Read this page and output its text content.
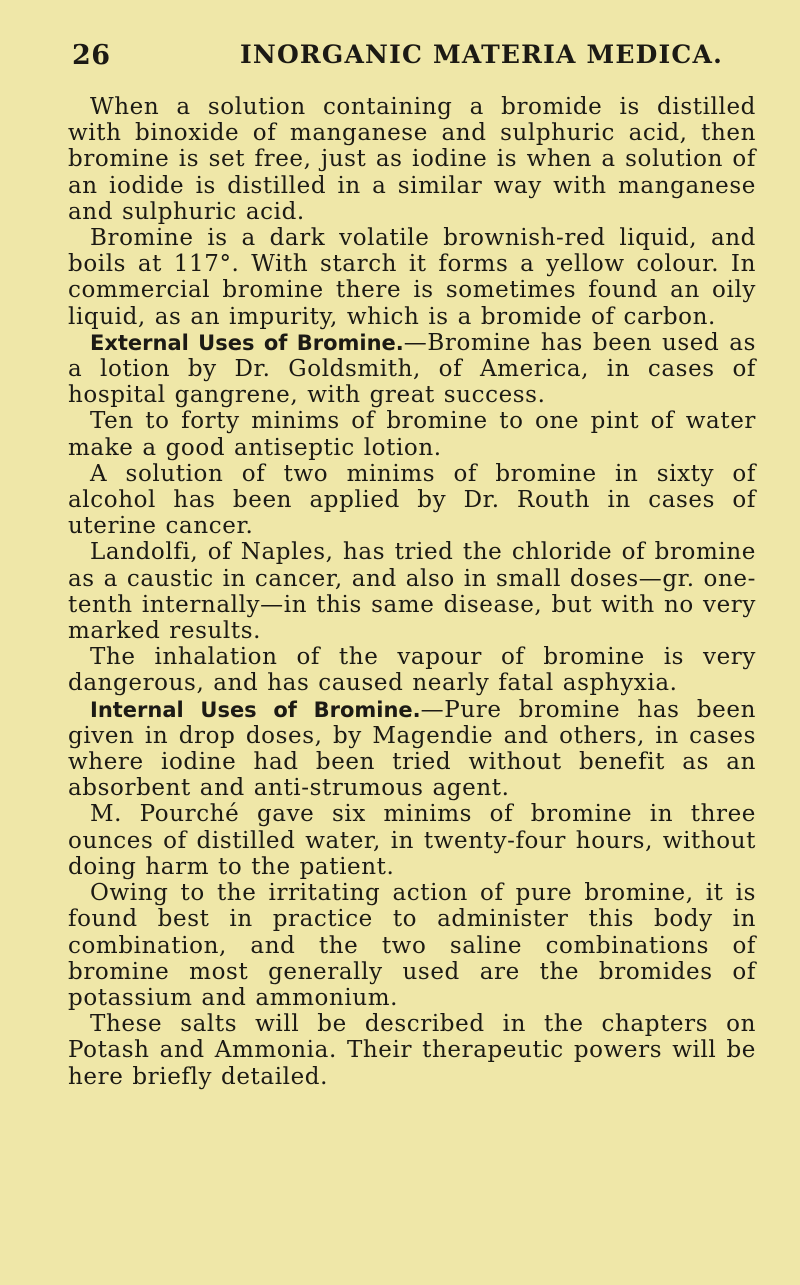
26	INORGANIC MATERIA MEDICA.

When a solution containing a bromide is distilled with binoxide of manganese and sulphuric acid, then bromine is set free, just as iodine is when a solution of an iodide is distilled in a similar way with manganese and sulphuric acid.

Bromine is a dark volatile brownish-red liquid, and boils at 117°. With starch it forms a yellow colour. In commercial bromine there is sometimes found an oily liquid, as an impurity, which is a bromide of carbon.

External Uses of Bromine.—Bromine has been used as a lotion by Dr. Goldsmith, of America, in cases of hospital gangrene, with great success.

Ten to forty minims of bromine to one pint of water make a good antiseptic lotion.

A solution of two minims of bromine in sixty of alcohol has been applied by Dr. Routh in cases of uterine cancer.

Landolfi, of Naples, has tried the chloride of bromine as a caustic in cancer, and also in small doses—gr. one-tenth internally—in this same disease, but with no very marked results.

The inhalation of the vapour of bromine is very dangerous, and has caused nearly fatal asphyxia.

Internal Uses of Bromine.—Pure bromine has been given in drop doses, by Magendie and others, in cases where iodine had been tried without benefit as an absorbent and anti-strumous agent.

M. Pourché gave six minims of bromine in three ounces of distilled water, in twenty-four hours, without doing harm to the patient.

Owing to the irritating action of pure bromine, it is found best in practice to administer this body in combination, and the two saline combinations of bromine most generally used are the bromides of potassium and ammonium.

These salts will be described in the chapters on Potash and Ammonia. Their therapeutic powers will be here briefly detailed.
